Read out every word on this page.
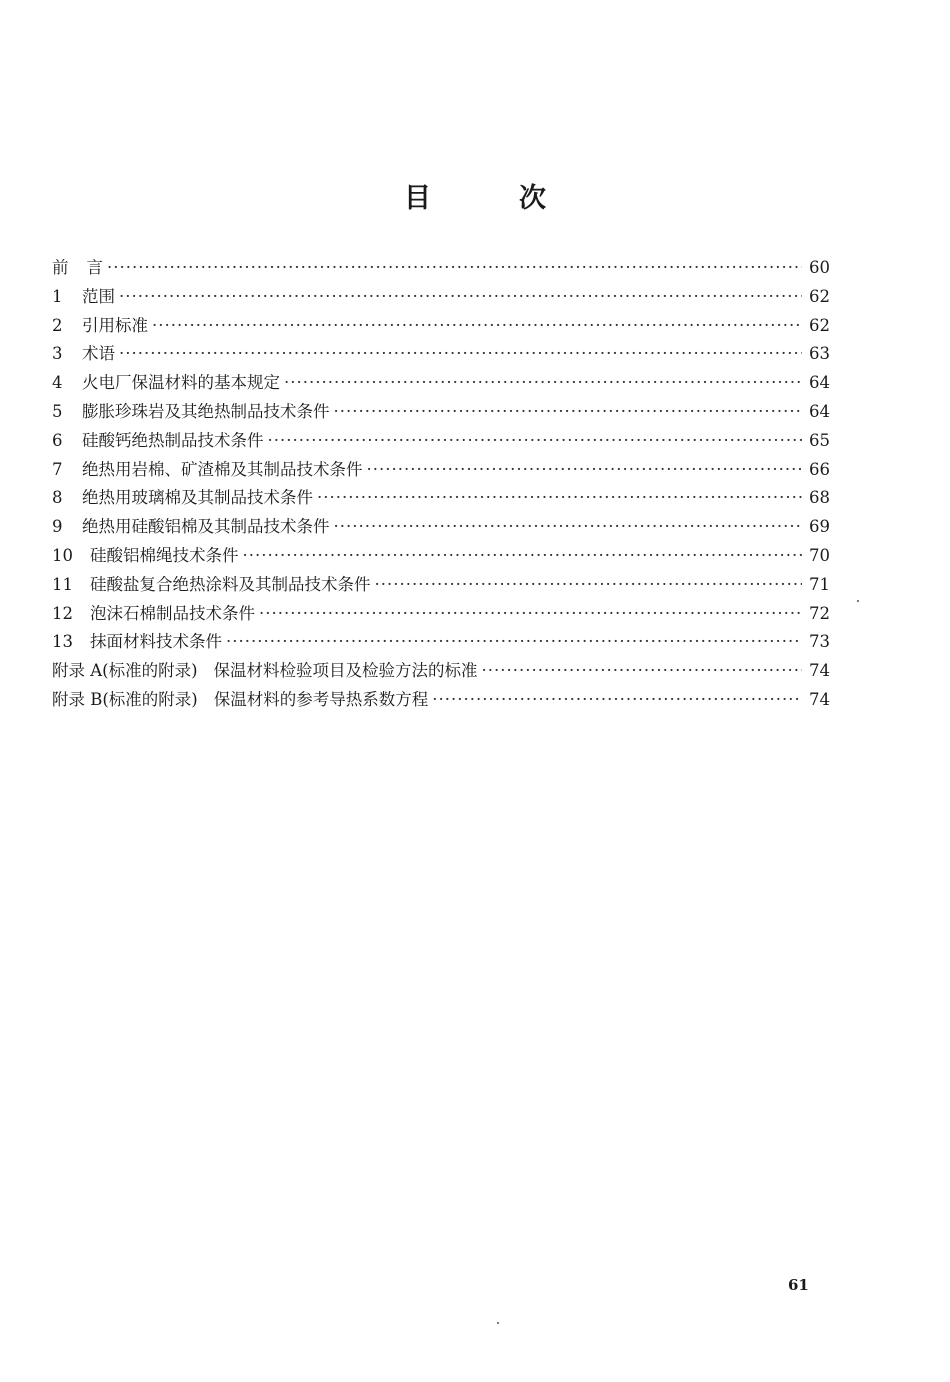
目	次
前 言 ·····	60
1	范围 ·····	62
2	引用标准 ·····	62
3	术语 ·····	63
4	火电厂保温材料的基本规定 ·····	64
5	膨胀珍珠岩及其绝热制品技术条件 ·····	64
6	硅酸钙绝热制品技术条件 ·····	65
7	绝热用岩棉、矿渣棉及其制品技术条件 ·····	66
8	绝热用玻璃棉及其制品技术条件 ·····	68
9	绝热用硅酸铝棉及其制品技术条件 ·····	69
10	硅酸铝棉绳技术条件 ·····	70
11	硅酸盐复合绝热涂料及其制品技术条件 ·····	71
12	泡沫石棉制品技术条件 ·····	72
13	抹面材料技术条件 ·····	73
附录 A(标准的附录) 保温材料检验项目及检验方法的标准 ·····	74
附录 B(标准的附录) 保温材料的参考导热系数方程 ·····	74
61
